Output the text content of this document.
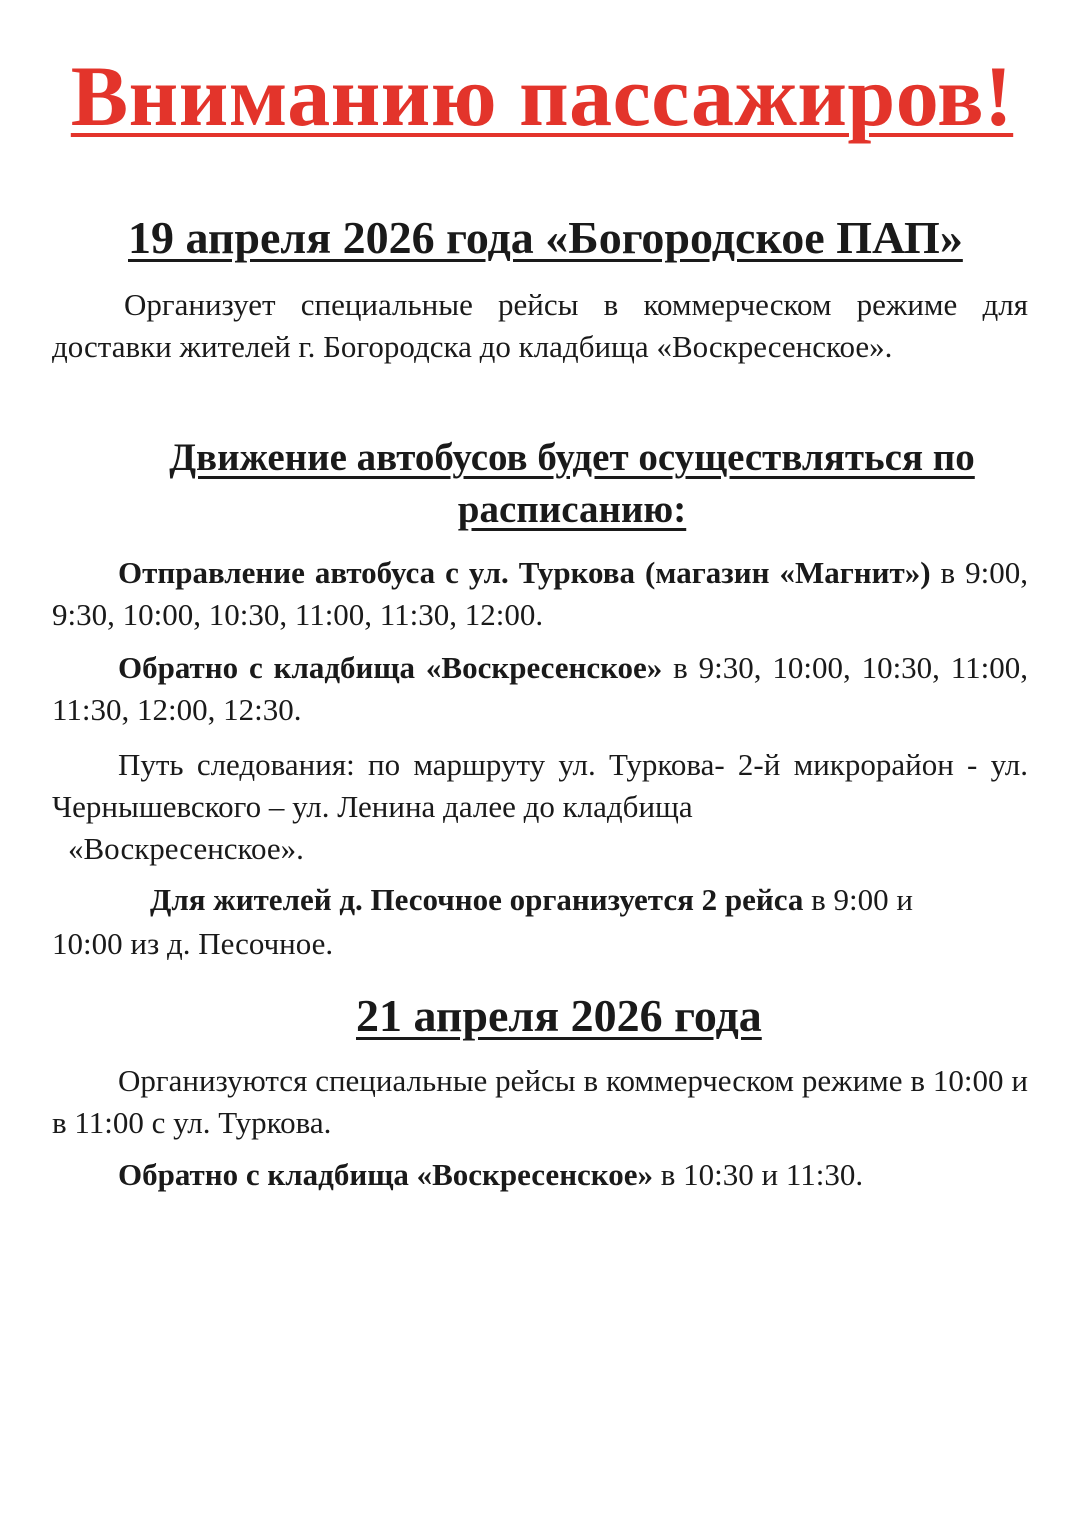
Вниманию пассажиров!
19 апреля 2026 года «Богородское ПАП»

Организует специальные рейсы в коммерческом режиме для доставки жителей г. Богородска до кладбища «Воскресенское».

Движение автобусов будет осуществляться по расписанию:

Отправление автобуса с ул. Туркова (магазин «Магнит») в 9:00, 9:30, 10:00, 10:30, 11:00, 11:30, 12:00.

Обратно с кладбища «Воскресенское» в 9:30, 10:00, 10:30, 11:00, 11:30, 12:00, 12:30.

Путь следования: по маршруту ул. Туркова- 2-й микрорайон - ул. Чернышевского – ул. Ленина далее до кладбища
«Воскресенское».

Для жителей д. Песочное организуется 2 рейса в 9:00 и
10:00 из д. Песочное.

21 апреля 2026 года

Организуются специальные рейсы в коммерческом режиме в 10:00 и в 11:00 с ул. Туркова.

Обратно с кладбища «Воскресенское» в 10:30 и 11:30.
